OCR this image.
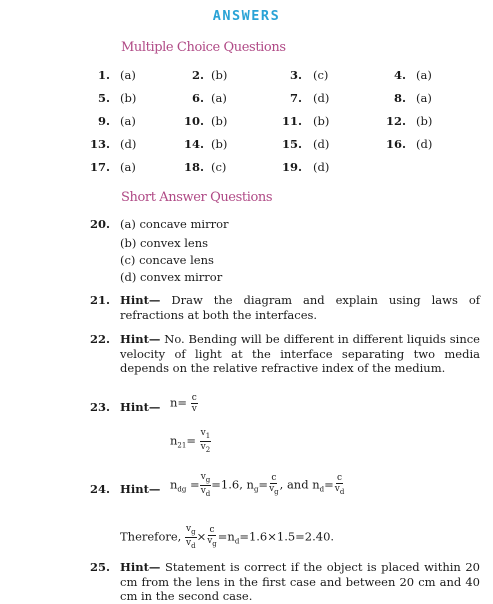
ANSWERS
Multiple Choice Questions
1. (a)	2. (b)	3. (c)	4. (a)
5. (b)	6. (a)	7. (d)	8. (a)
9. (a)	10. (b)	11. (b)	12. (b)
13. (d)	14. (b)	15. (d)	16. (d)
17. (a)	18. (c)	19. (d)
Short Answer Questions
20. (a) concave mirror
(b) convex lens
(c) concave lens
(d) convex mirror
21. Hint— Draw the diagram and explain using laws of refractions at both the interfaces.
22. Hint— No. Bending will be different in different liquids since velocity of light at the interface separating two media depends on the relative refractive index of the medium.
23. Hint— $n= \frac{c}{v}$
$n_{21}= \frac{v_1}{v_2}$
24. Hint— $n_{dg} = \frac{v_g}{v_d} =1.6$, $n_g= \frac{c}{v_g}$ , and $n_d= \frac{c}{v_d}$
Therefore, $\frac{v_g}{v_d} \times \frac{c}{v_g} =n_d=1.6\times 1.5=2.40$.
25. Hint— Statement is correct if the object is placed within 20 cm from the lens in the first case and between 20 cm and 40 cm in the second case.
